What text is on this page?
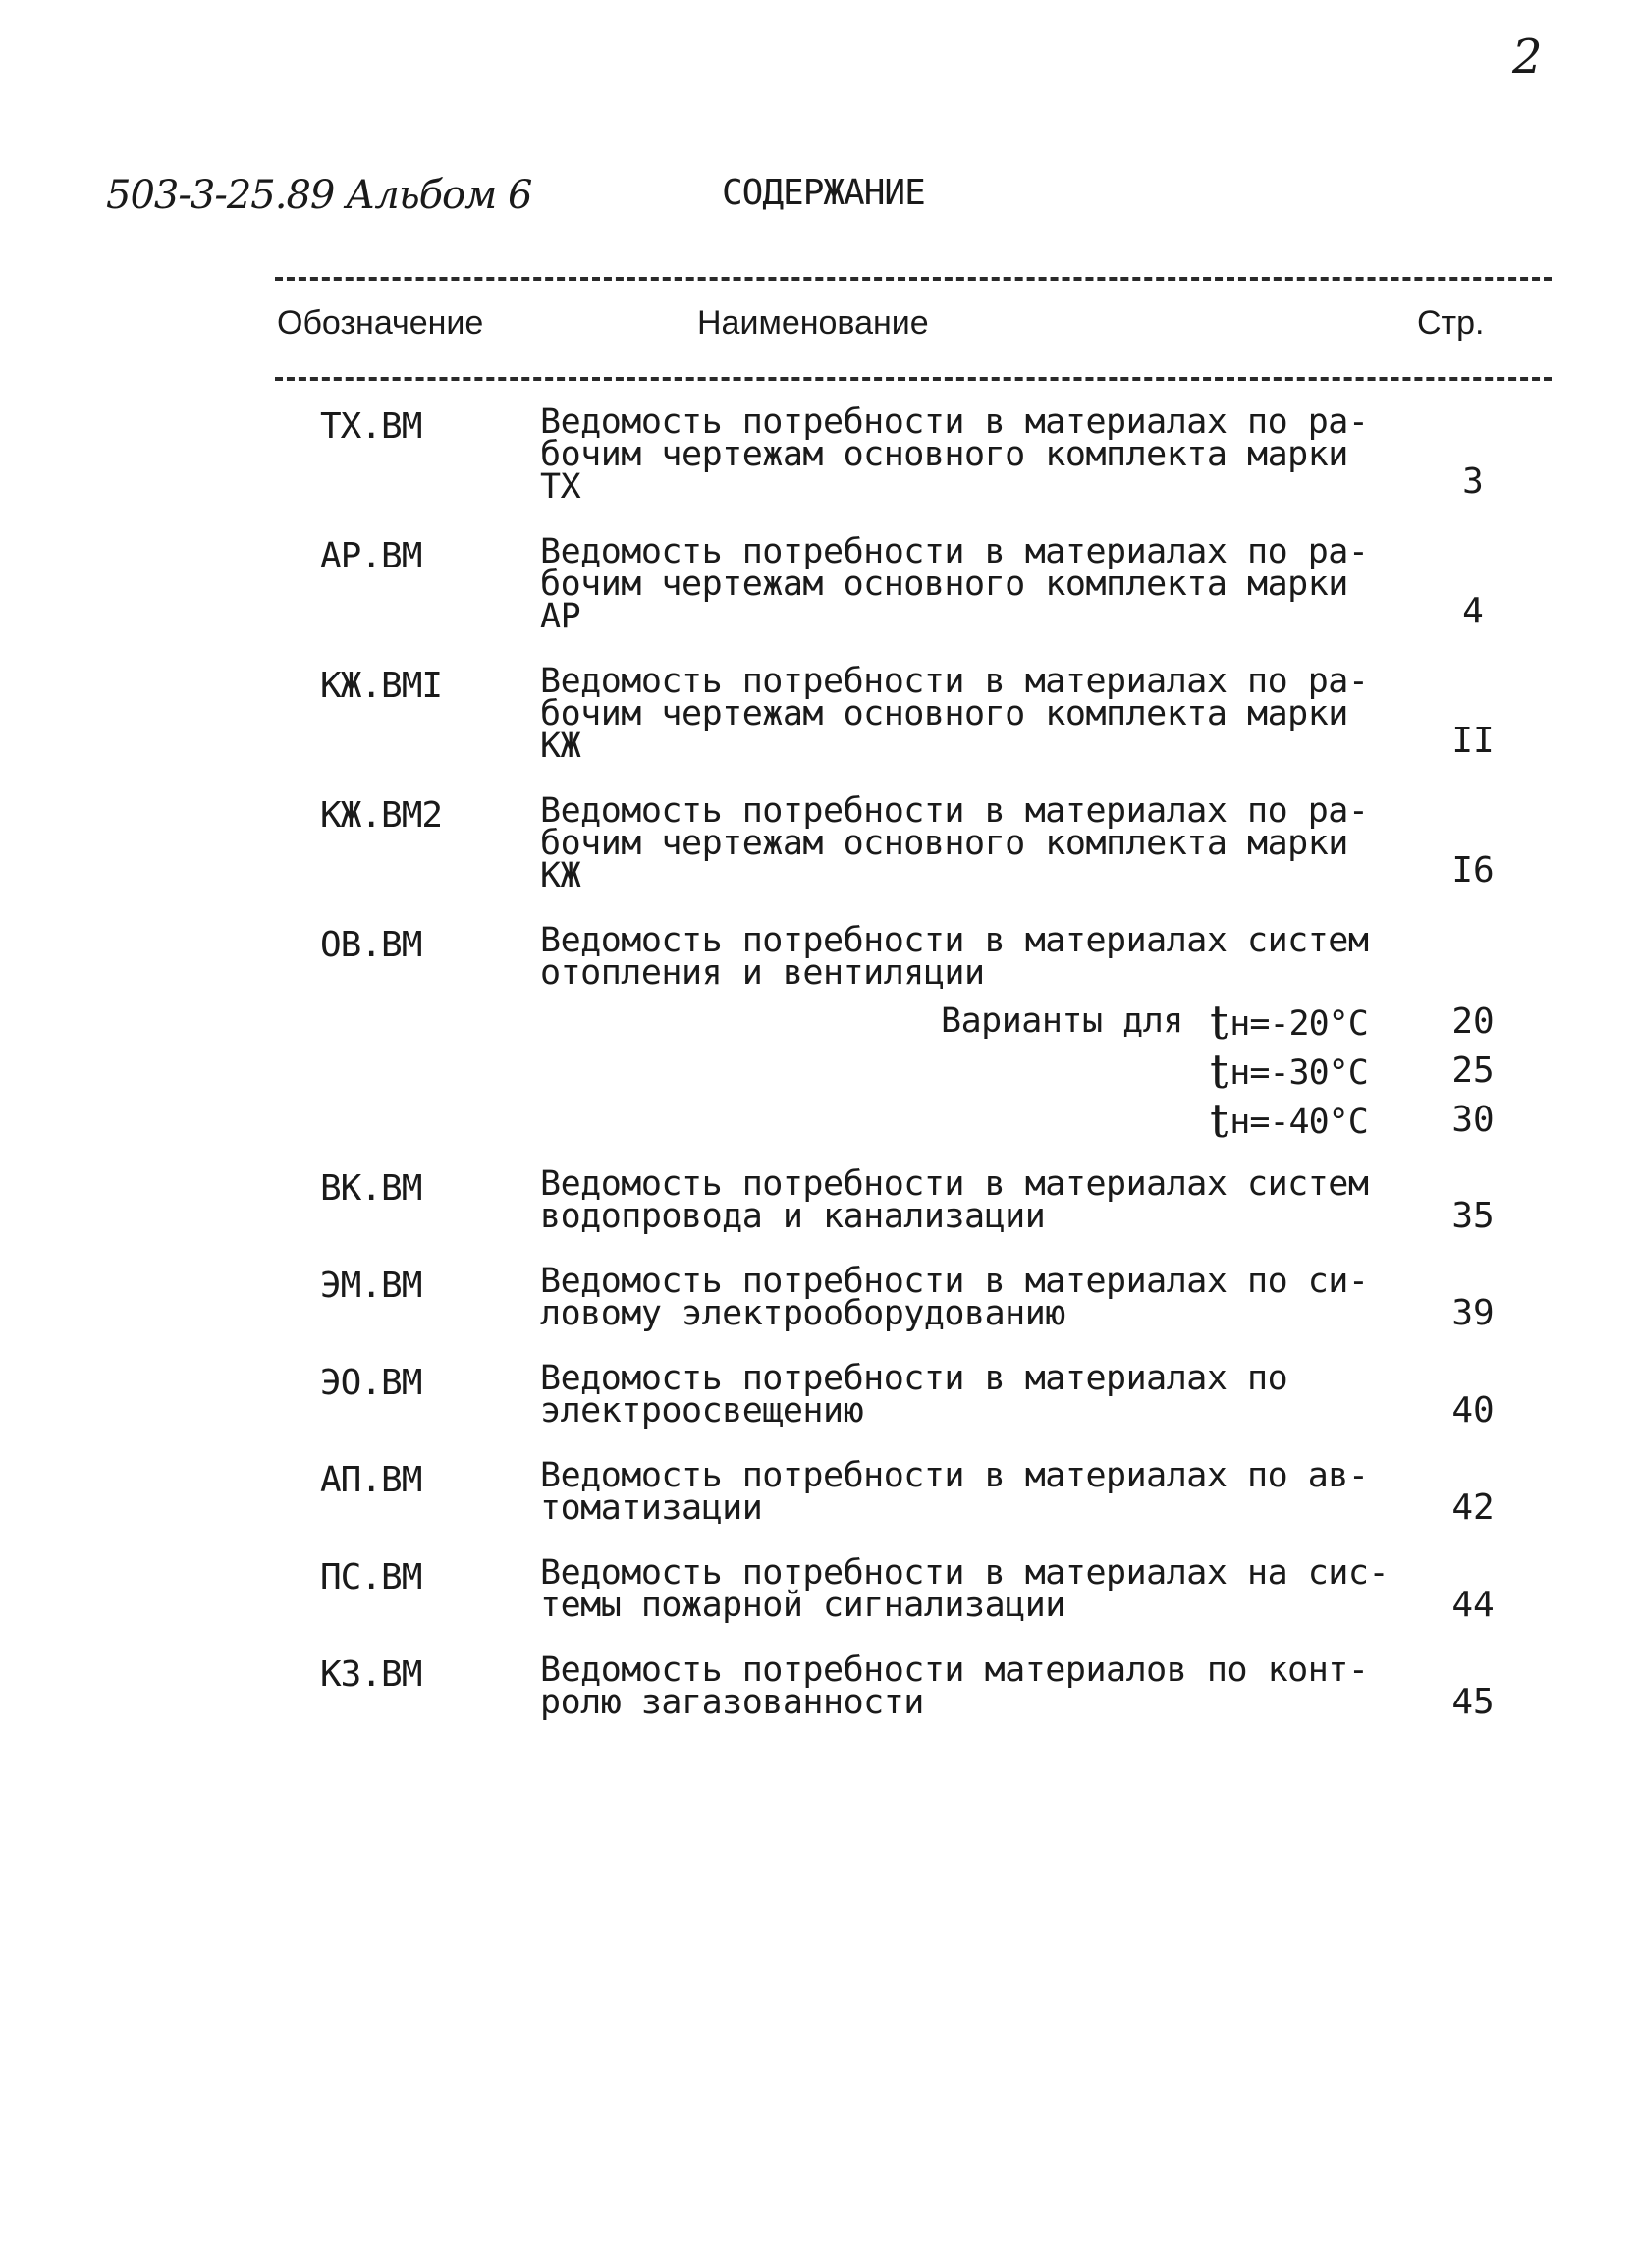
2
503-3-25.89 Альбом 6	СОДЕРЖАНИЕ
Обозначение	Наименование	Стр.
ТХ.ВМ	Ведомость потребности в материалах по ра-
бочим чертежам основного комплекта марки
ТХ	3
АР.ВМ	Ведомость потребности в материалах по ра-
бочим чертежам основного комплекта марки
АР	4
КЖ.ВМI	Ведомость потребности в материалах по ра-
бочим чертежам основного комплекта марки
КЖ	II
КЖ.ВМ2	Ведомость потребности в материалах по ра-
бочим чертежам основного комплекта марки
КЖ	I6
ОВ.ВМ	Ведомость потребности в материалах систем
отопления и вентиляции
Варианты для tн=-20°С	20
tн=-30°С	25
tн=-40°С	30
ВК.ВМ	Ведомость потребности в материалах систем
водопровода и канализации	35
ЭМ.ВМ	Ведомость потребности в материалах по си-
ловому электрооборудованию	39
ЭО.ВМ	Ведомость потребности в материалах по
электроосвещению	40
АП.ВМ	Ведомость потребности в материалах по ав-
томатизации	42
ПС.ВМ	Ведомость потребности в материалах на сис-
темы пожарной сигнализации	44
КЗ.ВМ	Ведомость потребности материалов по конт-
ролю загазованности	45
